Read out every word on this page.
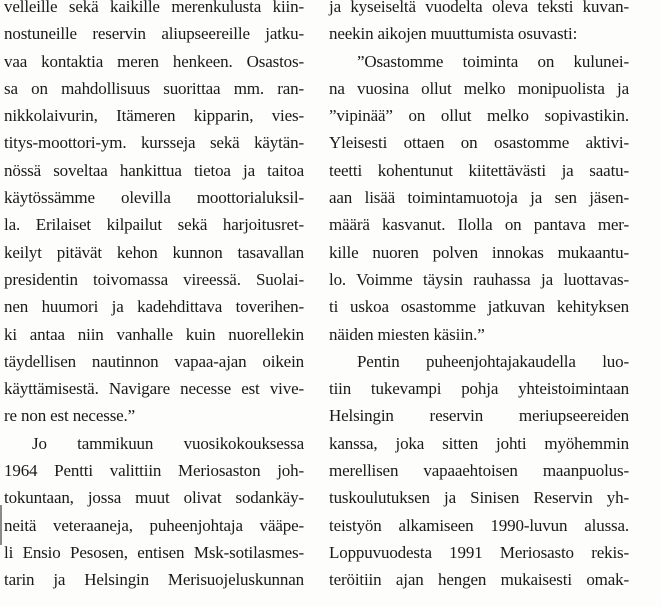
velleille sekä kaikille merenkulusta kiin-
nostuneille reservin aliupseereille jatku-
vaa kontaktia meren henkeen. Osastos-
sa on mahdollisuus suorittaa mm. ran-
nikkolaivurin, Itämeren kipparin, vies-
titys-moottori-ym. kursseja sekä käytän-
nössä soveltaa hankittua tietoa ja taitoa
käytössämme olevilla moottorialuksil-
la. Erilaiset kilpailut sekä harjoitusret-
keilyt pitävät kehon kunnon tasavallan
presidentin toivomassa vireessä. Suolai-
nen huumori ja kadehdittava toverihen-
ki antaa niin vanhalle kuin nuorellekin
täydellisen nautinnon vapaa-ajan oikein
käyttämisestä. Navigare necesse est vive-
re non est necesse.”
Jo tammikuun vuosikokouksessa
1964 Pentti valittiin Meriosaston joh-
tokuntaan, jossa muut olivat sodankäy-
neitä veteraaneja, puheenjohtaja vääpe-
li Ensio Pesosen, entisen Msk-sotilasmes-
tarin ja Helsingin Merisuojeluskunnan
ja kyseiseltä vuodelta oleva teksti kuvan-
neekin aikojen muuttumista osuvasti:
”Osastomme toiminta on kuluneі-
na vuosina ollut melko monipuolista ja
”vipinää” on ollut melko sopivastikin.
Yleisesti ottaen on osastomme aktivi-
teetti kohentunut kiitettävästi ja saatu-
aan lisää toimintamuotoja ja sen jäsen-
määrä kasvanut. Ilolla on pantava mer-
kille nuoren polven innokas mukaantu-
lo. Voimme täysin rauhassa ja luottavas-
ti uskoa osastomme jatkuvan kehityksen
näiden miesten käsiin.”
Pentin puheenjohtajakaudella luo-
tiin tukevampi pohja yhteistoimintaan
Helsingin reservin meriupseereiden
kanssa, joka sitten johti myöhemmin
merellisen vapaaehtoisen maanpuolus-
tuskoulutuksen ja Sinisen Reservin yh-
teistyön alkamiseen 1990-luvun alussa.
Loppuvuodesta 1991 Meriosasto rekis-
teröitiin ajan hengen mukaisesti omak-
